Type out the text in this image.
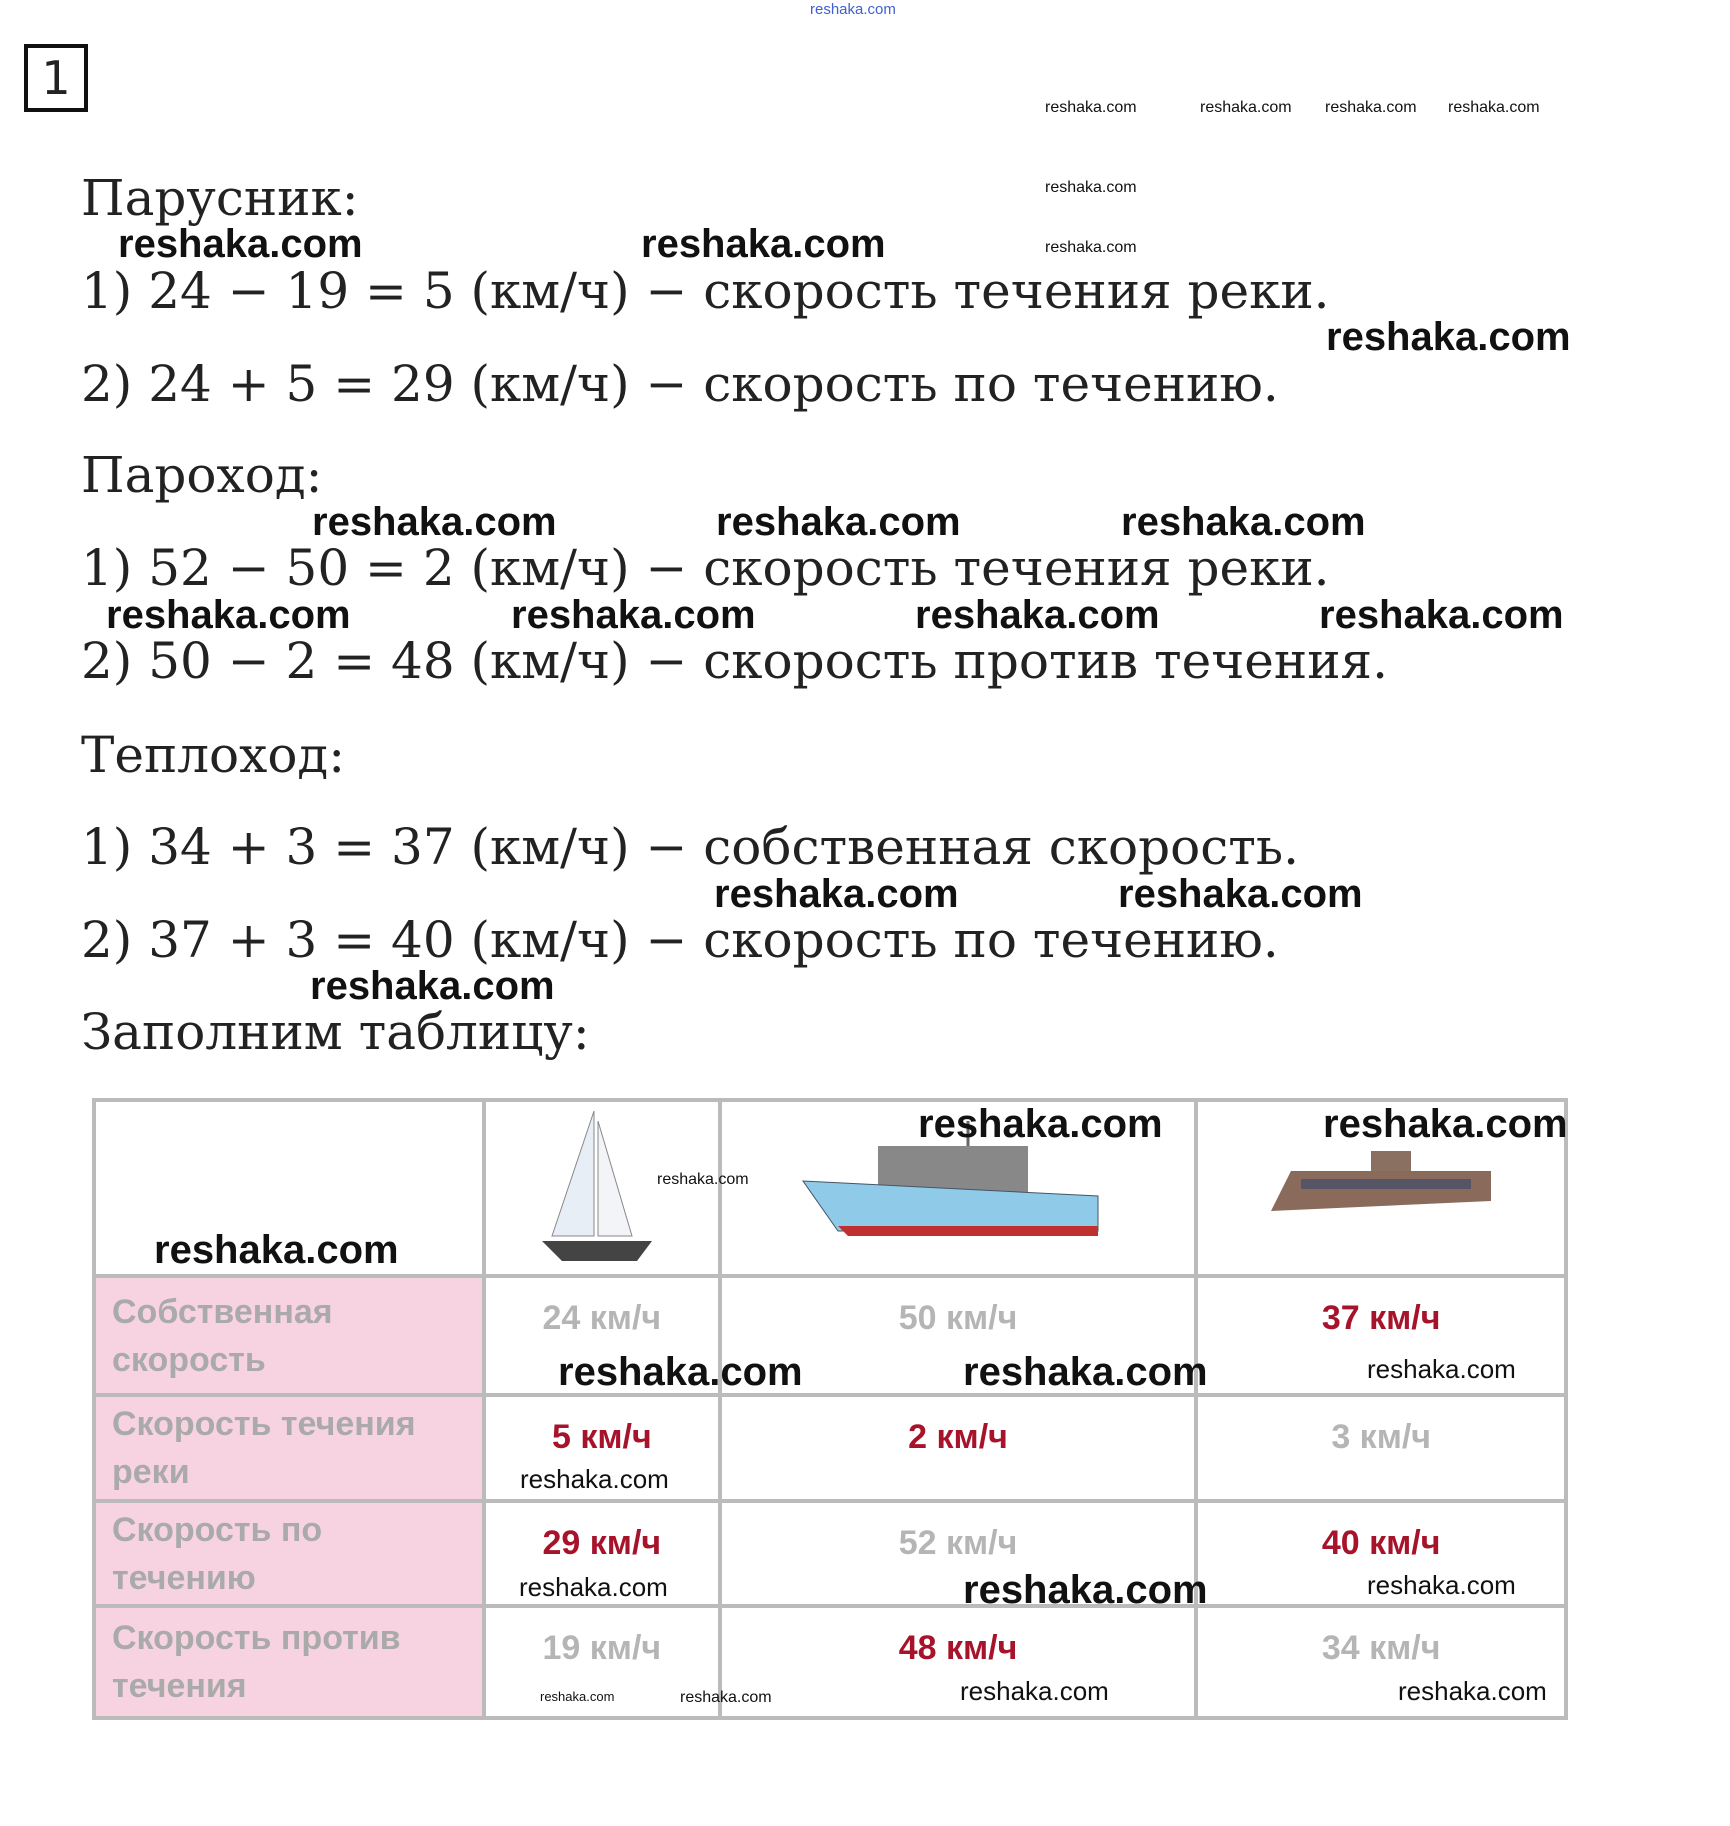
reshaka.com
1
Парусник:
1) 24 − 19 = 5 (км/ч) − скорость течения реки.
2) 24 + 5 = 29 (км/ч) − скорость по течению.
Пароход:
1) 52 − 50 = 2 (км/ч) − скорость течения реки.
2) 50 − 2 = 48 (км/ч) − скорость против течения.
Теплоход:
1) 34 + 3 = 37 (км/ч) − собственная скорость.
2) 37 + 3 = 40 (км/ч) − скорость по течению.
Заполним таблицу:

Собственная скорость	24 км/ч	50 км/ч	37 км/ч
Скорость течения реки	5 км/ч	2 км/ч	3 км/ч
Скорость по течению	29 км/ч	52 км/ч	40 км/ч
Скорость против течения	19 км/ч	48 км/ч	34 км/ч
reshaka.com	reshaka.com reshaka.com reshaka.com
reshaka.com
reshaka.com
reshaka.com	reshaka.com
reshaka.com
reshaka.com	reshaka.com	reshaka.com
reshaka.com	reshaka.com	reshaka.com	reshaka.com
reshaka.com	reshaka.com
reshaka.com
reshaka.com	reshaka.com
reshaka.com
reshaka.com
reshaka.com	reshaka.com	reshaka.com
reshaka.com
reshaka.com
reshaka.com
reshaka.com
reshaka.com	reshaka.com
reshaka.com	reshaka.com
